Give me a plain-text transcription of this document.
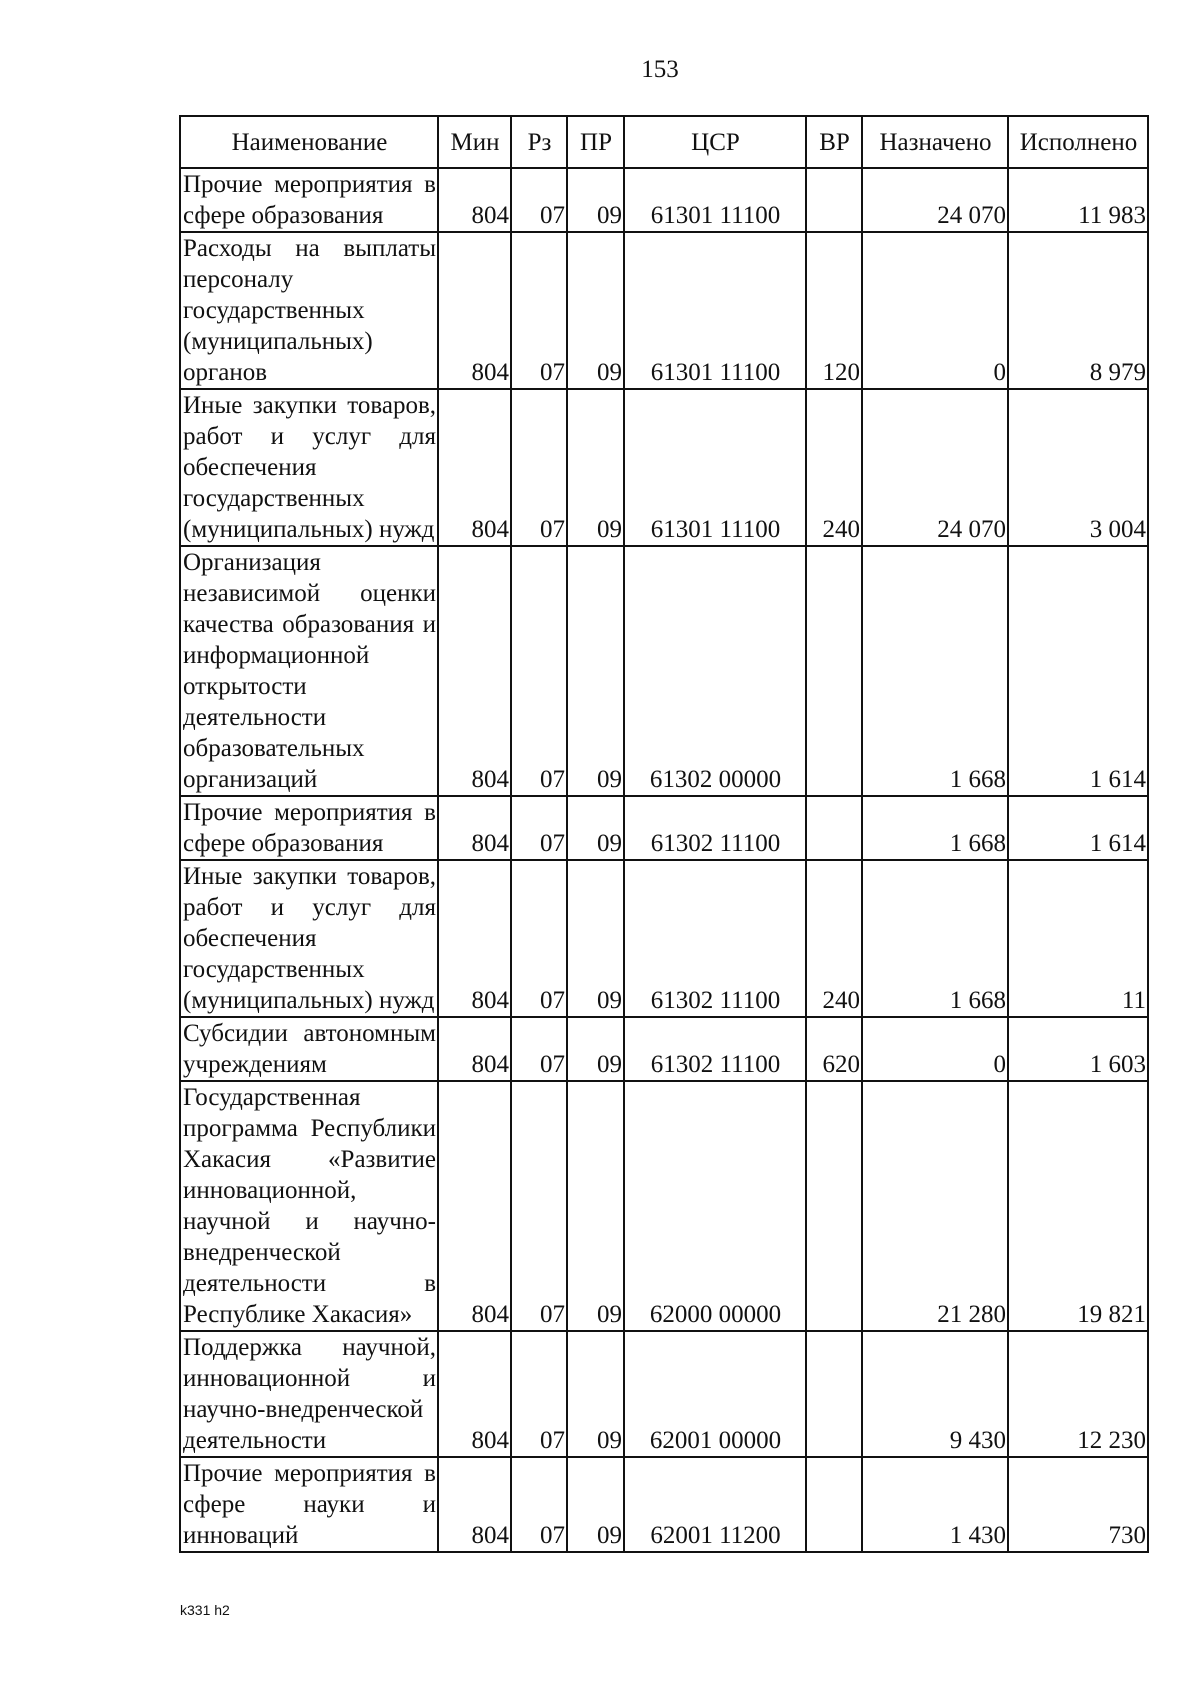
153
Наименование	Мин	Рз	ПР	ЦСР	ВР	Назначено	Исполнено
Прочие мероприятия в сфере образования	804	07	09	61301 11100		24 070	11 983
Расходы на выплаты персоналу государственных (муниципальных) органов	804	07	09	61301 11100	120	0	8 979
Иные закупки товаров, работ и услуг для обеспечения государственных (муниципальных) нужд	804	07	09	61301 11100	240	24 070	3 004
Организация независимой оценки качества образования и информационной открытости деятельности образовательных организаций	804	07	09	61302 00000		1 668	1 614
Прочие мероприятия в сфере образования	804	07	09	61302 11100		1 668	1 614
Иные закупки товаров, работ и услуг для обеспечения государственных (муниципальных) нужд	804	07	09	61302 11100	240	1 668	11
Субсидии автономным учреждениям	804	07	09	61302 11100	620	0	1 603
Государственная программа Республики Хакасия «Развитие инновационной, научной и научно-внедренческой деятельности в Республике Хакасия»	804	07	09	62000 00000		21 280	19 821
Поддержка научной, инновационной и научно-внедренческой деятельности	804	07	09	62001 00000		9 430	12 230
Прочие мероприятия в сфере науки и инноваций	804	07	09	62001 11200		1 430	730
k331 h2
